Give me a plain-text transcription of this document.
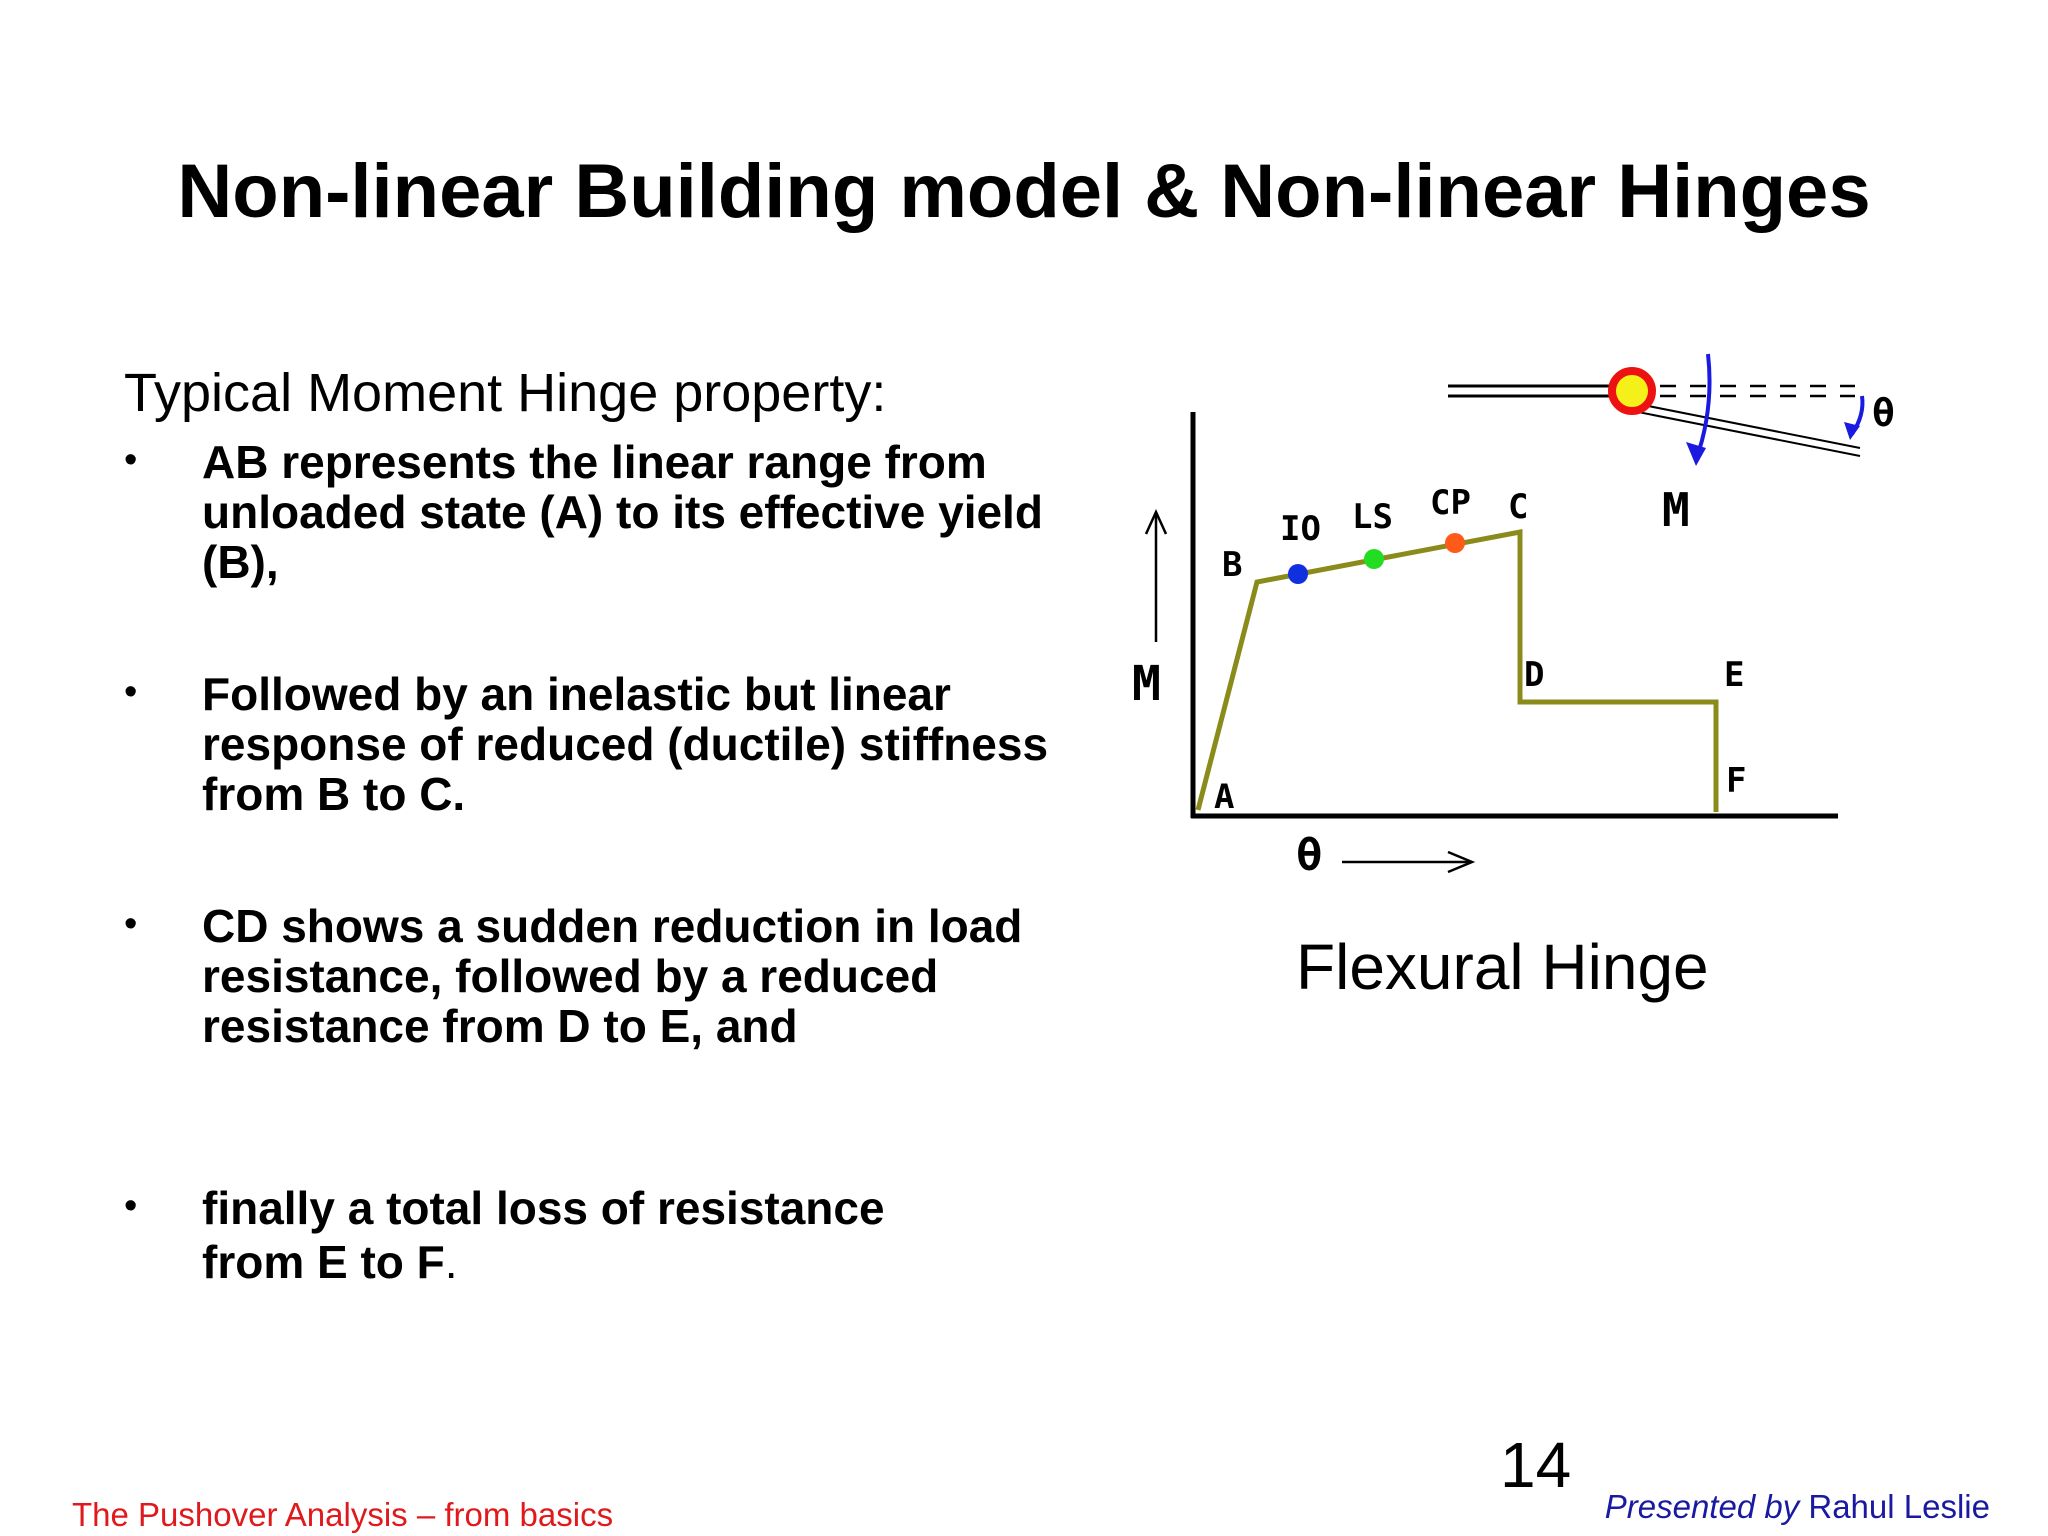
Non-linear Building model & Non-linear Hinges

Typical Moment Hinge property:

• AB represents the linear range from unloaded state (A) to its effective yield (B),
• Followed by an inelastic but linear response of reduced (ductile) stiffness from B to C.
• CD shows a sudden reduction in load resistance, followed by a reduced resistance from D to E, and
• finally a total loss of resistance
from E to F.
M
θ
M
θ
A
B
C
D	E
F
IO LS CP
Flexural Hinge
14
The Pushover Analysis – from basics	Presented by Rahul Leslie
